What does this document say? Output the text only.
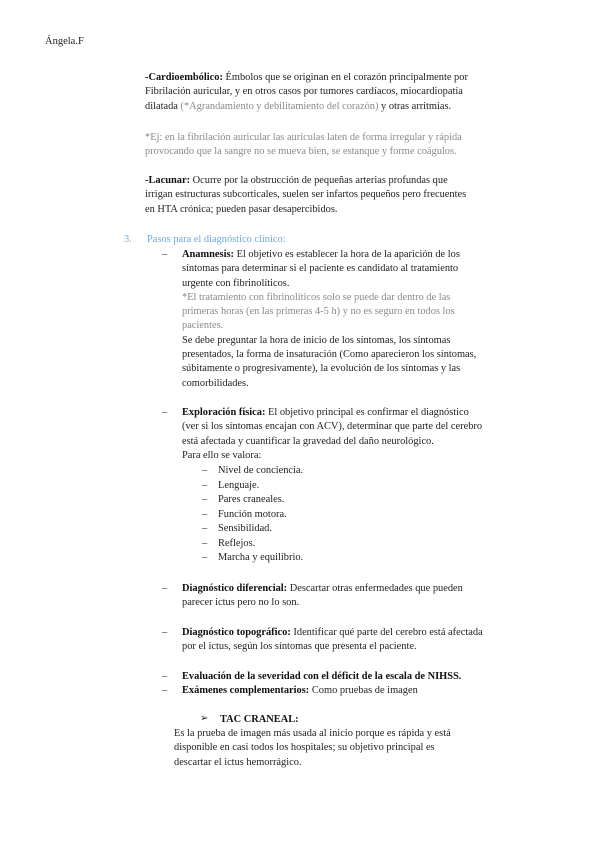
Ángela.F
-Cardioembólico: Émbolos que se originan en el corazón principalmente por
Fibrilación auricular, y en otros casos por tumores cardíacos, miocardiopatía
dilatada (*Agrandamiento y debilitamiento del corazón) y otras arritmias.
*Ej: en la fibrilación auricular las aurículas laten de forma irregular y rápida
provocando que la sangre no se mueva bien, se estanque y forme coágulos.
-Lacunar: Ocurre por la obstrucción de pequeñas arterias profundas que
irrigan estructuras subcorticales, suelen ser infartos pequeños pero frecuentes
en HTA crónica; pueden pasar desapercibidos.
3. Pasos para el diagnóstico clínico:
– Anamnesis: El objetivo es establecer la hora de la aparición de los
síntomas para determinar si el paciente es candidato al tratamiento
urgente con fibrinolíticos.
*El tratamiento con fibrinolíticos solo se puede dar dentro de las
primeras horas (en las primeras 4-5 h) y no es seguro en todos los
pacientes.
Se debe preguntar la hora de inicio de los síntomas, los síntomas
presentados, la forma de insaturación (Como aparecieron los síntomas,
súbitamente o progresivamente), la evolución de los síntomas y las
comorbilidades.
– Exploración física: El objetivo principal es confirmar el diagnóstico
(ver si los síntomas encajan con ACV), determinar que parte del cerebro
está afectada y cuantificar la gravedad del daño neurológico.
Para ello se valora:
– Nivel de conciencia.
– Lenguaje.
– Pares craneales.
– Función motora.
– Sensibilidad.
– Reflejos.
– Marcha y equilibrio.
– Diagnóstico diferencial: Descartar otras enfermedades que pueden
parecer ictus pero no lo son.
– Diagnóstico topográfico: Identificar qué parte del cerebro está afectada
por el ictus, según los síntomas que presenta el paciente.
– Evaluación de la severidad con el déficit de la escala de NIHSS.
– Exámenes complementarios: Como pruebas de imagen
➢ TAC CRANEAL:
Es la prueba de imagen más usada al inicio porque es rápida y está
disponible en casi todos los hospitales; su objetivo principal es
descartar el ictus hemorrágico.
